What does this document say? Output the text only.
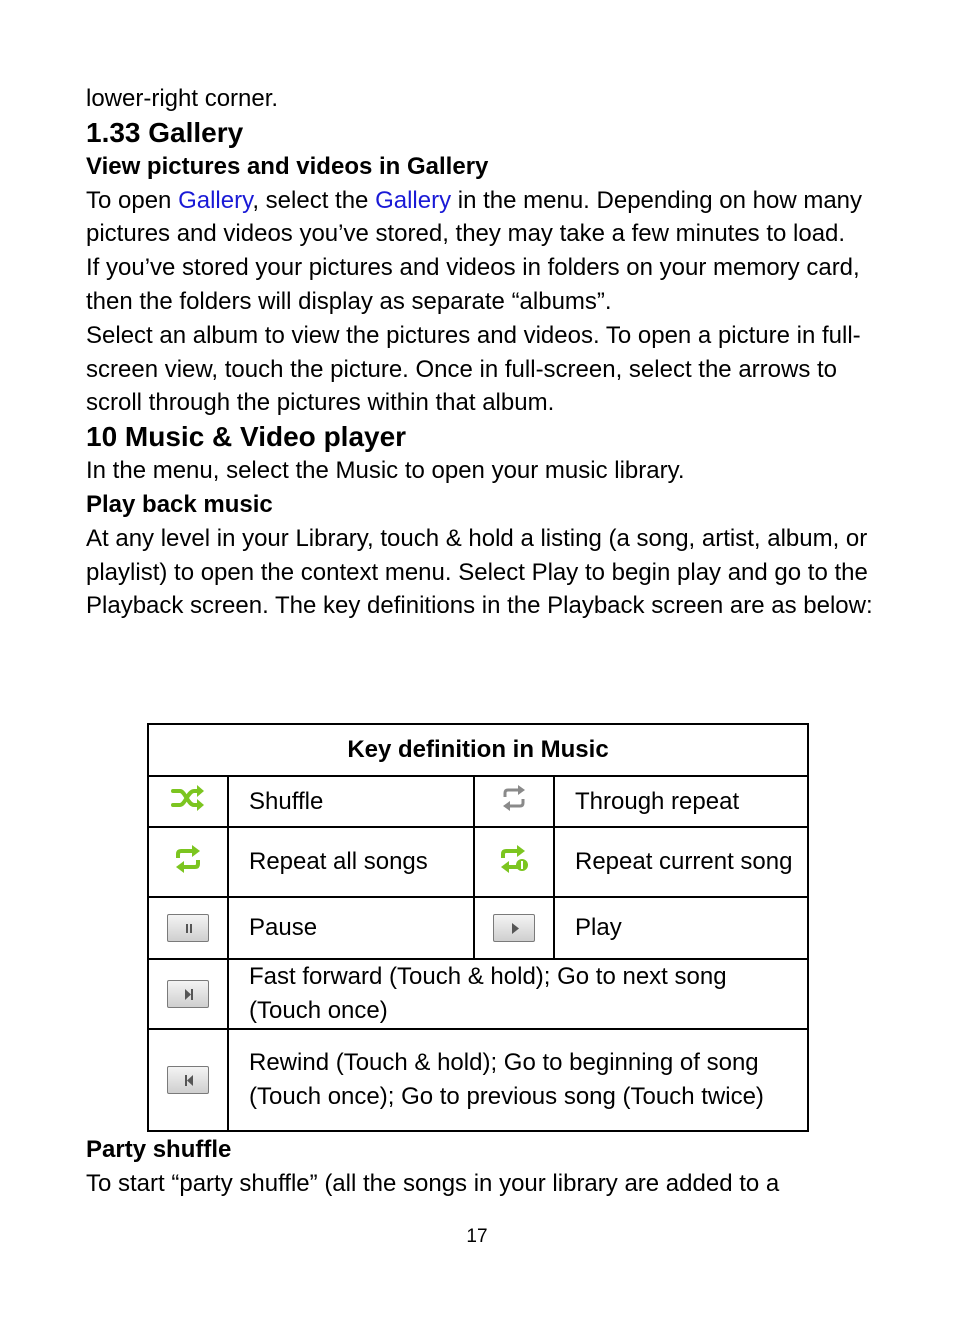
lower-right corner.

1.33 Gallery
View pictures and videos in Gallery

To open Gallery, select the Gallery in the menu. Depending on how many pictures and videos you’ve stored, they may take a few minutes to load.

If you’ve stored your pictures and videos in folders on your memory card, then the folders will display as separate “albums”.

Select an album to view the pictures and videos. To open a picture in full-screen view, touch the picture. Once in full-screen, select the arrows to scroll through the pictures within that album.

10 Music & Video player

In the menu, select the Music to open your music library.

Play back music

At any level in your Library, touch & hold a listing (a song, artist, album, or playlist) to open the context menu. Select Play to begin play and go to the Playback screen. The key definitions in the Playback screen are as below:

Key definition in Music			
	Shuffle		Through repeat
	Repeat all songs		Repeat current song

	Pause		Play

	Fast forward (Touch & hold); Go to next song (Touch once)		

	Rewind (Touch & hold); Go to beginning of song (Touch once); Go to previous song (Touch twice)		
Party shuffle

To start “party shuffle” (all the songs in your library are added to a

17
